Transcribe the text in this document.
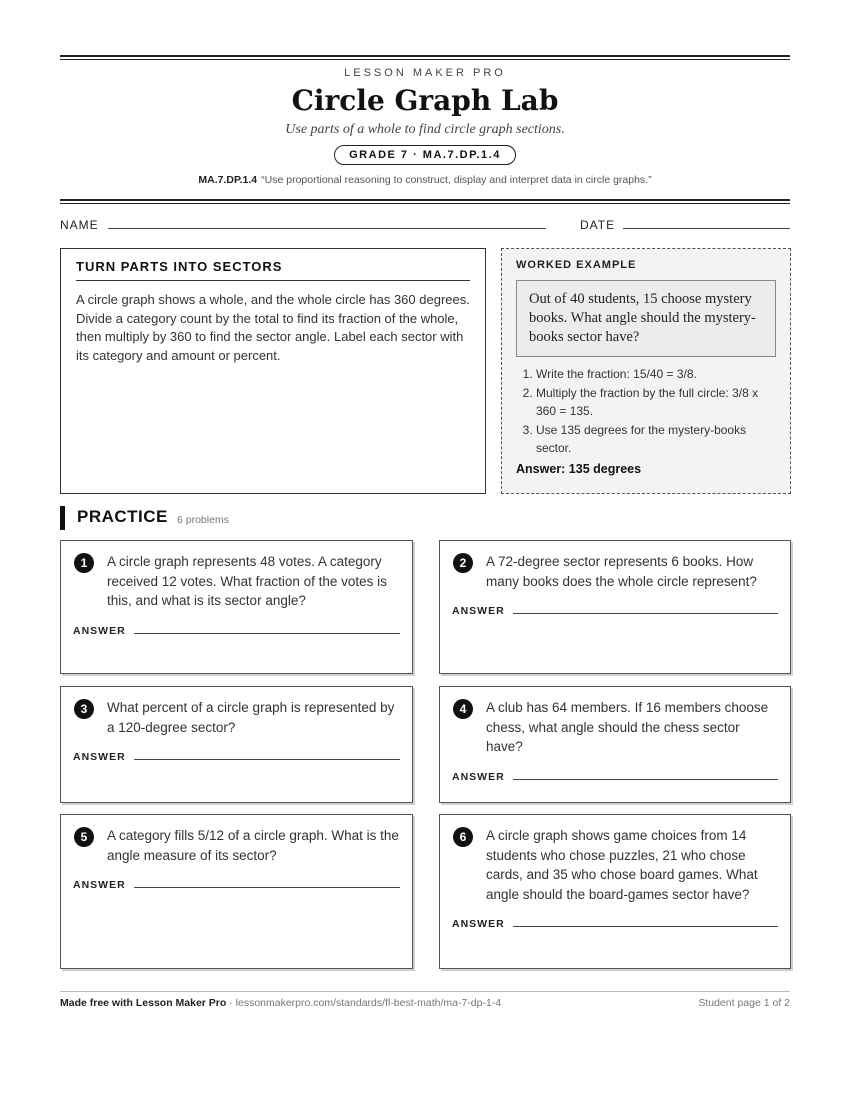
LESSON MAKER PRO
Circle Graph Lab
Use parts of a whole to find circle graph sections.
GRADE 7 · MA.7.DP.1.4
MA.7.DP.1.4 “Use proportional reasoning to construct, display and interpret data in circle graphs.”
NAME	DATE
TURN PARTS INTO SECTORS

A circle graph shows a whole, and the whole circle has 360 degrees. Divide a category count by the total to find its fraction of the whole, then multiply by 360 to find the sector angle. Label each sector with its category and amount or percent.

WORKED EXAMPLE
Out of 40 students, 15 choose mystery books. What angle should the mystery-books sector have?
1. Write the fraction: 15/40 = 3/8.
2. Multiply the fraction by the full circle: 3/8 x 360 = 135.
3. Use 135 degrees for the mystery-books sector.
Answer: 135 degrees
PRACTICE 6 problems
1	A circle graph represents 48 votes. A category received 12 votes. What fraction of the votes is this, and what is its sector angle?
ANSWER
2	A 72-degree sector represents 6 books. How many books does the whole circle represent?
ANSWER
3	What percent of a circle graph is represented by a 120-degree sector?
ANSWER
4	A club has 64 members. If 16 members choose chess, what angle should the chess sector have?
ANSWER
5	A category fills 5/12 of a circle graph. What is the angle measure of its sector?
ANSWER
6	A circle graph shows game choices from 14 students who chose puzzles, 21 who chose cards, and 35 who chose board games. What angle should the board-games sector have?
ANSWER
Made free with Lesson Maker Pro · lessonmakerpro.com/standards/fl-best-math/ma-7-dp-1-4	Student page 1 of 2
